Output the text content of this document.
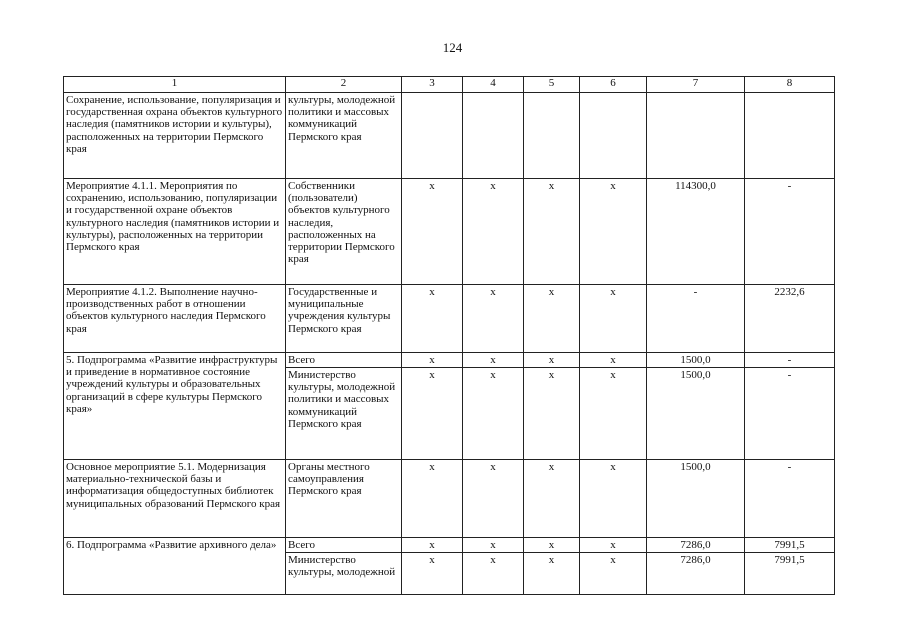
124
1	2	3	4	5	6	7	8
Сохранение, использование, популяризация и государственная охрана объектов культурного наследия (памятников истории и культуры), расположенных на территории Пермского края	культуры, молодежной политики и массовых коммуникаций Пермского края						
Мероприятие 4.1.1. Мероприятия по сохранению, использованию, популяризации и государственной охране объектов культурного наследия (памятников истории и культуры), расположенных на территории Пермского края	Собственники (пользователи) объектов культурного наследия, расположенных на территории Пермского края	х	х	х	х	114300,0	-
Мероприятие 4.1.2. Выполнение научно-производственных работ в отношении объектов культурного наследия Пермского края	Государственные и муниципальные учреждения культуры Пермского края	х	х	х	х	-	2232,6
5. Подпрограмма «Развитие инфраструктуры и приведение в нормативное состояние учреждений культуры и образовательных организаций в сфере культуры Пермского края»	Всего	х	х	х	х	1500,0	-
	Министерство культуры, молодежной политики и массовых коммуникаций Пермского края	х	х	х	х	1500,0	-
Основное мероприятие 5.1. Модернизация материально-технической базы и информатизация общедоступных библиотек муниципальных образований Пермского края	Органы местного самоуправления Пермского края	х	х	х	х	1500,0	-
6. Подпрограмма «Развитие архивного дела»	Всего	х	х	х	х	7286,0	7991,5
	Министерство культуры, молодежной	х	х	х	х	7286,0	7991,5
